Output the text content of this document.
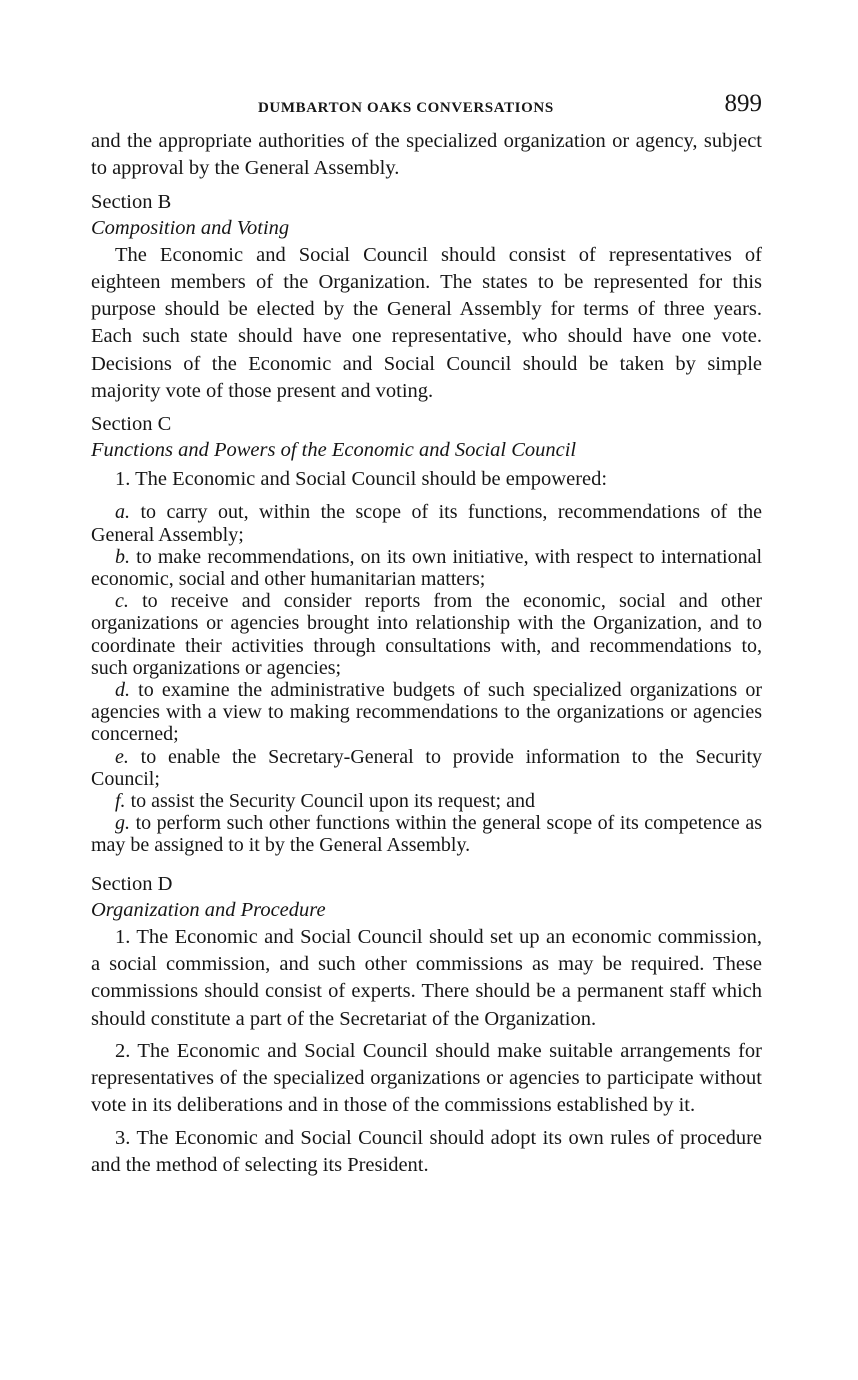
DUMBARTON OAKS CONVERSATIONS	899

and the appropriate authorities of the specialized organization or agency, subject to approval by the General Assembly.

Section B
Composition and Voting

The Economic and Social Council should consist of representatives of eighteen members of the Organization. The states to be represented for this purpose should be elected by the General Assembly for terms of three years. Each such state should have one representative, who should have one vote. Decisions of the Economic and Social Council should be taken by simple majority vote of those present and voting.

Section C
Functions and Powers of the Economic and Social Council

1. The Economic and Social Council should be empowered:

a. to carry out, within the scope of its functions, recommendations of the General Assembly;

b. to make recommendations, on its own initiative, with respect to international economic, social and other humanitarian matters;

c. to receive and consider reports from the economic, social and other organizations or agencies brought into relationship with the Organization, and to coordinate their activities through consultations with, and recommendations to, such organizations or agencies;

d. to examine the administrative budgets of such specialized organizations or agencies with a view to making recommendations to the organizations or agencies concerned;

e. to enable the Secretary-General to provide information to the Security Council;

f. to assist the Security Council upon its request; and

g. to perform such other functions within the general scope of its competence as may be assigned to it by the General Assembly.

Section D
Organization and Procedure

1. The Economic and Social Council should set up an economic commission, a social commission, and such other commissions as may be required. These commissions should consist of experts. There should be a permanent staff which should constitute a part of the Secretariat of the Organization.

2. The Economic and Social Council should make suitable arrangements for representatives of the specialized organizations or agencies to participate without vote in its deliberations and in those of the commissions established by it.

3. The Economic and Social Council should adopt its own rules of procedure and the method of selecting its President.
